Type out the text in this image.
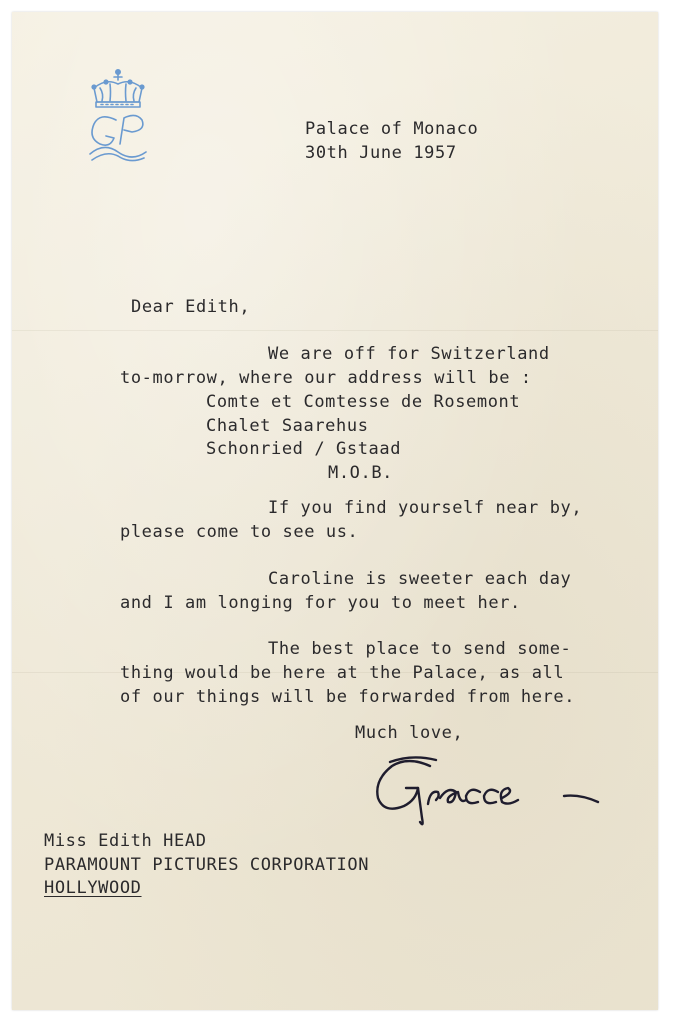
Palace of Monaco
30th June 1957
Dear Edith,
We are off for Switzerland
to-morrow, where our address will be :
Comte et Comtesse de Rosemont
Chalet Saarehus
Schonried / Gstaad
M.O.B.
If you find yourself near by,
please come to see us.
Caroline is sweeter each day
and I am longing for you to meet her.
The best place to send some-
thing would be here at the Palace, as all
of our things will be forwarded from here.
Much love,
Miss Edith HEAD
PARAMOUNT PICTURES CORPORATION
HOLLYWOOD
